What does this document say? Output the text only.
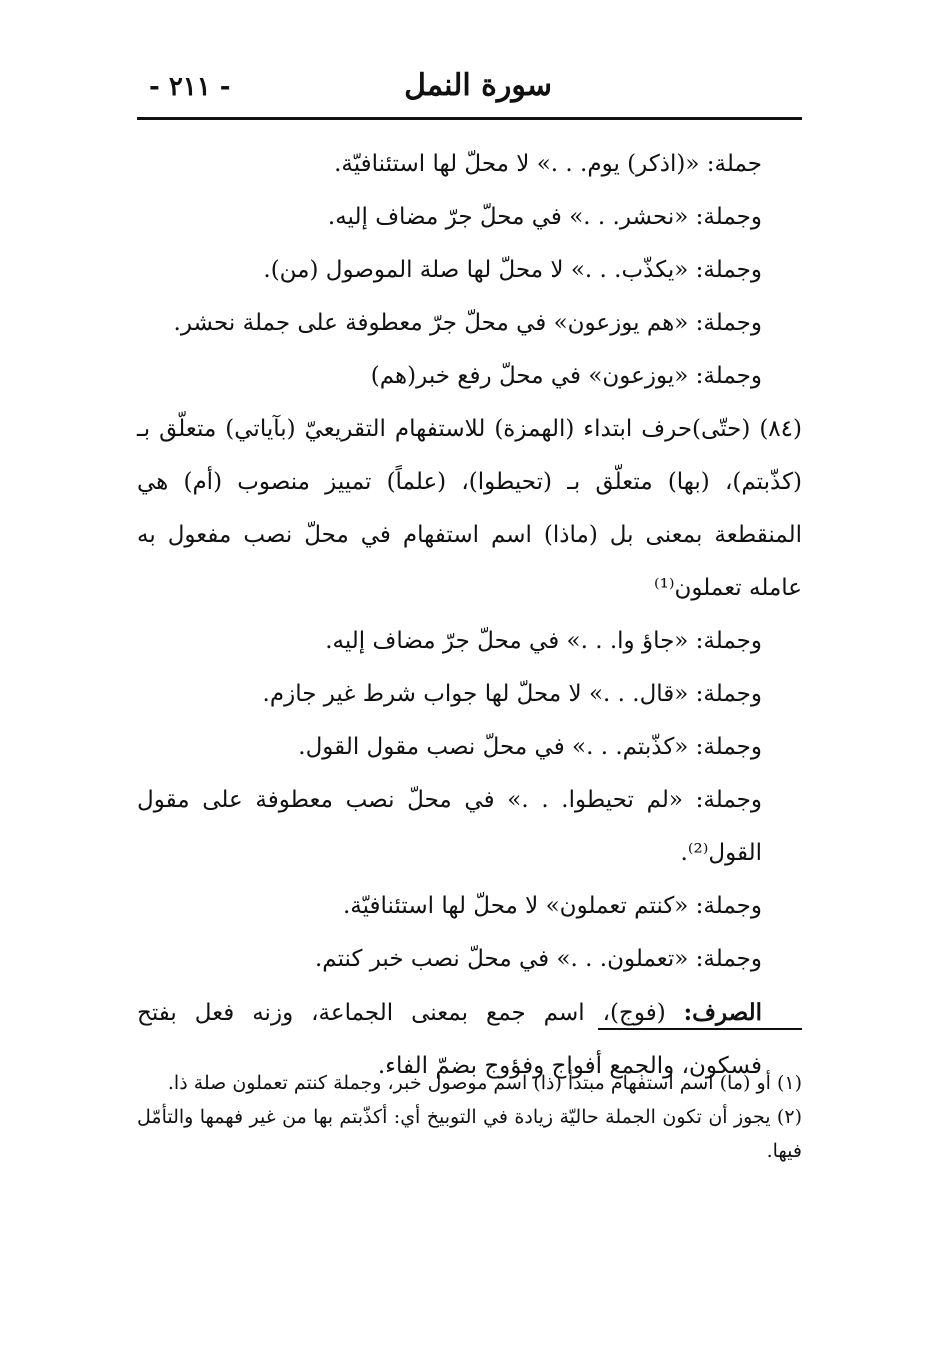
سورة النمل
- ٢١١ -

جملة: «(اذكر) يوم. . .» لا محلّ لها استئنافيّة.

وجملة: «نحشر. . .» في محلّ جرّ مضاف إليه.

وجملة: «يكذّب. . .» لا محلّ لها صلة الموصول (من).

وجملة: «هم يوزعون» في محلّ جرّ معطوفة على جملة نحشر.

وجملة: «يوزعون» في محلّ رفع خبر(هم)

(٨٤) (حتّى)حرف ابتداء (الهمزة) للاستفهام التقريعيّ (بآياتي) متعلّق بـ (كذّبتم)، (بها) متعلّق بـ (تحيطوا)، (علماً) تمييز منصوب (أم) هي المنقطعة بمعنى بل (ماذا) اسم استفهام في محلّ نصب مفعول به عامله تعملون⁽¹⁾

وجملة: «جاؤ وا. . .» في محلّ جرّ مضاف إليه.

وجملة: «قال. . .» لا محلّ لها جواب شرط غير جازم.

وجملة: «كذّبتم. . .» في محلّ نصب مقول القول.

وجملة: «لم تحيطوا. . .» في محلّ نصب معطوفة على مقول القول⁽²⁾.

وجملة: «كنتم تعملون» لا محلّ لها استئنافيّة.

وجملة: «تعملون. . .» في محلّ نصب خبر كنتم.

الصرف: (فوج)، اسم جمع بمعنى الجماعة، وزنه فعل بفتح فسكون، والجمع أفواج وفؤوج بضمّ الفاء.

(١) أو (ما) اسم استفهام مبتدأ (ذا) اسم موصول خبر، وجملة كنتم تعملون صلة ذا.

(٢) يجوز أن تكون الجملة حاليّة زيادة في التوبيخ أي: أكذّبتم بها من غير فهمها والتأمّل فيها.
